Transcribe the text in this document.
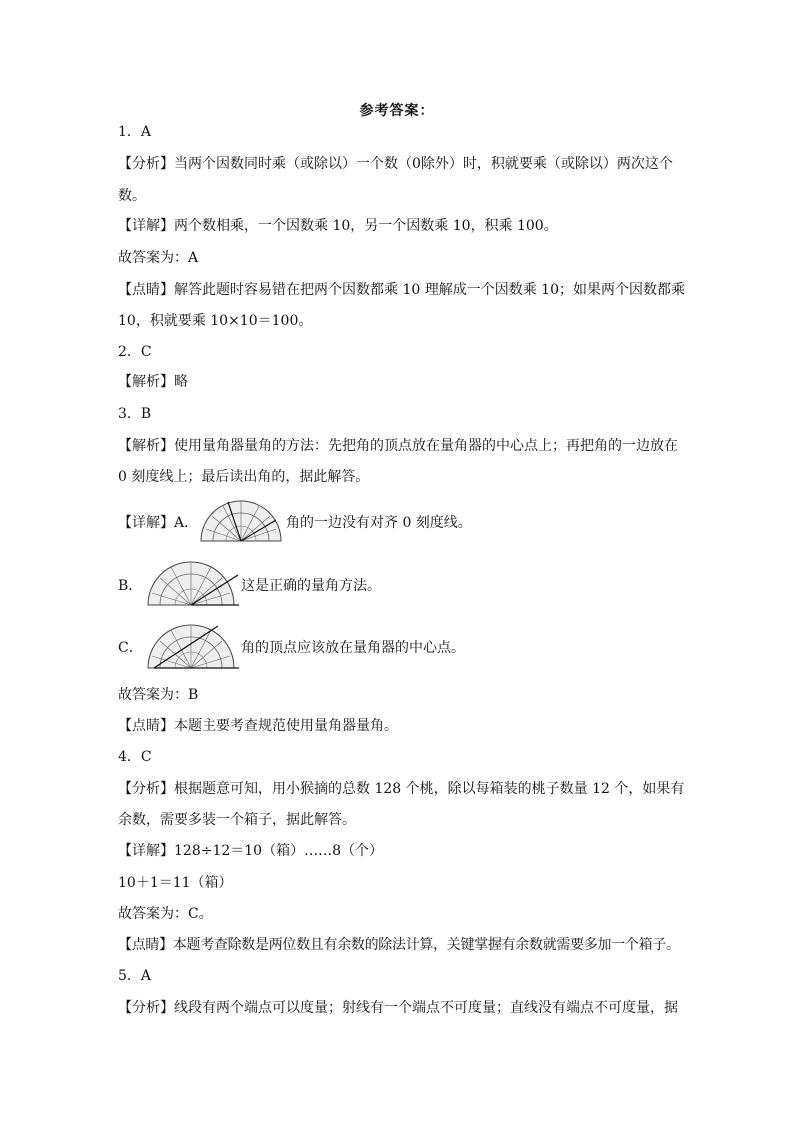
参考答案：
1．A
【分析】当两个因数同时乘（或除以）一个数（0除外）时，积就要乘（或除以）两次这个
数。
【详解】两个数相乘，一个因数乘 10，另一个因数乘 10，积乘 100。
故答案为：A
【点睛】解答此题时容易错在把两个因数都乘 10 理解成一个因数乘 10；如果两个因数都乘
10，积就要乘 10×10＝100。
2．C
【解析】略
3．B
【解析】使用量角器量角的方法：先把角的顶点放在量角器的中心点上；再把角的一边放在
0 刻度线上；最后读出角的，据此解答。
【详解】A．	角的一边没有对齐 0 刻度线。
B．	这是正确的量角方法。
C．	角的顶点应该放在量角器的中心点。
故答案为：B
【点睛】本题主要考查规范使用量角器量角。
4．C
【分析】根据题意可知，用小猴摘的总数 128 个桃，除以每箱装的桃子数量 12 个，如果有
余数，需要多装一个箱子，据此解答。
【详解】128÷12＝10（箱）……8（个）
10＋1＝11（箱）
故答案为：C。
【点睛】本题考查除数是两位数且有余数的除法计算，关键掌握有余数就需要多加一个箱子。
5．A
【分析】线段有两个端点可以度量；射线有一个端点不可度量；直线没有端点不可度量，据
